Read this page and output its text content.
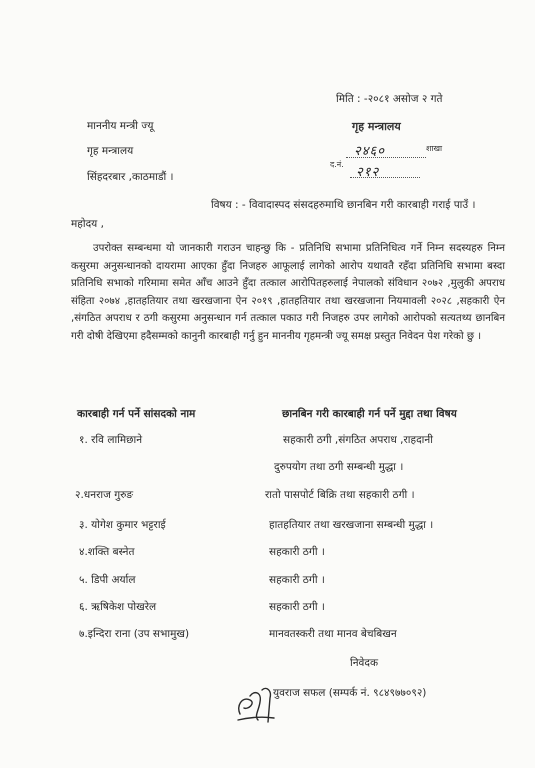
मिति : -२०८१ असोज २ गते
माननीय मन्त्री ज्यू
गृह मन्त्रालय
सिंहदरबार ,काठमाडौं ।
गृह मन्त्रालय
२४६०	शाखा
द.नं.
२१२
विषय : - विवादास्पद संसदहरुमाथि छानबिन गरी कारबाही गराई पाउँ ।
महोदय ,
उपरोक्त सम्बन्धमा यो जानकारी गराउन चाहन्छु कि - प्रतिनिधि सभामा प्रतिनिधित्व गर्ने निम्न सदस्यहरु निम्न कसुरमा अनुसन्धानको दायरामा आएका हुँदा निजहरु आफूलाई लागेको आरोप यथावतै रहँदा प्रतिनिधि सभामा बस्दा प्रतिनिधि सभाको गरिमामा समेत आँच आउने हुँदा तत्काल आरोपितहरुलाई नेपालको संविधान २०७२ ,मुलुकी अपराध संहिता २०७४ ,हातहतियार तथा खरखजाना ऐन २०१९ ,हातहतियार तथा खरखजाना नियमावली २०२८ ,सहकारी ऐन ,संगठित अपराध र ठगी कसुरमा अनुसन्धान गर्न तत्काल पकाउ गरी निजहरु उपर लागेको आरोपको सत्यतथ्य छानबिन गरी दोषी देखिएमा हदैसम्मको कानुनी कारबाही गर्नु हुन माननीय गृहमन्त्री ज्यू समक्ष प्रस्तुत निवेदन पेश गरेको छु ।
कारबाही गर्न पर्ने सांसदको नाम	छानबिन गरी कारबाही गर्न पर्ने मुद्दा तथा विषय
१. रवि लामिछाने	सहकारी ठगी ,संगठित अपराध ,राहदानी
दुरुपयोग तथा ठगी सम्बन्धी मुद्धा ।
२.धनराज गुरुङ	रातो पासपोर्ट बिक्रि तथा सहकारी ठगी ।
३. योगेश कुमार भट्टराई	हातहतियार तथा खरखजाना सम्बन्धी मुद्धा ।
४.शक्ति बस्नेत	सहकारी ठगी ।
५. डिपी अर्याल	सहकारी ठगी ।
६. ऋषिकेश पोखरेल	सहकारी ठगी ।
७.इन्दिरा राना (उप सभामुख)	मानवतस्करी तथा मानव बेचबिखन
निवेदक
युवराज सफल (सम्पर्क नं. ९८४९७७०९२)
